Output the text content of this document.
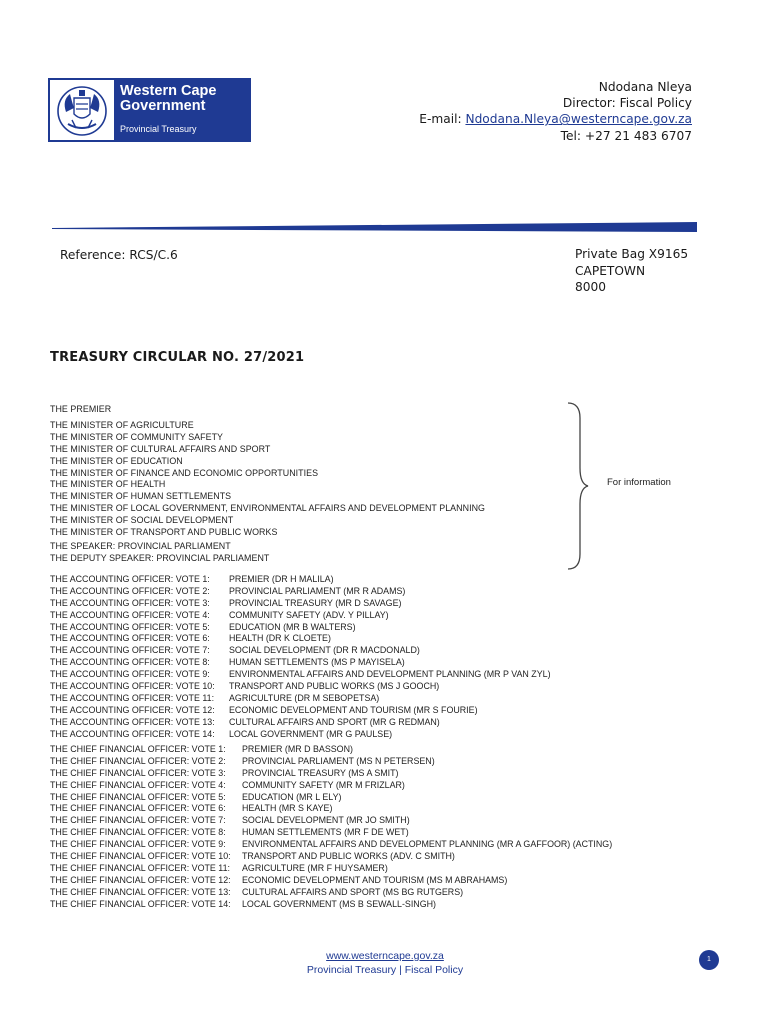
Western Cape
Government
Provincial Treasury
Ndodana Nleya
Director: Fiscal Policy
E-mail: Ndodana.Nleya@westerncape.gov.za
Tel: +27 21 483 6707
Reference: RCS/C.6	Private Bag X9165
CAPETOWN
8000
TREASURY CIRCULAR NO. 27/2021
THE PREMIER
THE MINISTER OF AGRICULTURE
THE MINISTER OF COMMUNITY SAFETY
THE MINISTER OF CULTURAL AFFAIRS AND SPORT
THE MINISTER OF EDUCATION
THE MINISTER OF FINANCE AND ECONOMIC OPPORTUNITIES
THE MINISTER OF HEALTH
THE MINISTER OF HUMAN SETTLEMENTS
THE MINISTER OF LOCAL GOVERNMENT, ENVIRONMENTAL AFFAIRS AND DEVELOPMENT PLANNING
THE MINISTER OF SOCIAL DEVELOPMENT
THE MINISTER OF TRANSPORT AND PUBLIC WORKS
THE SPEAKER: PROVINCIAL PARLIAMENT
THE DEPUTY SPEAKER: PROVINCIAL PARLIAMENT
For information
THE ACCOUNTING OFFICER: VOTE 1: PREMIER (DR H MALILA)
THE ACCOUNTING OFFICER: VOTE 2: PROVINCIAL PARLIAMENT (MR R ADAMS)
THE ACCOUNTING OFFICER: VOTE 3: PROVINCIAL TREASURY (MR D SAVAGE)
THE ACCOUNTING OFFICER: VOTE 4: COMMUNITY SAFETY (ADV. Y PILLAY)
THE ACCOUNTING OFFICER: VOTE 5: EDUCATION (MR B WALTERS)
THE ACCOUNTING OFFICER: VOTE 6: HEALTH (DR K CLOETE)
THE ACCOUNTING OFFICER: VOTE 7: SOCIAL DEVELOPMENT (DR R MACDONALD)
THE ACCOUNTING OFFICER: VOTE 8: HUMAN SETTLEMENTS (MS P MAYISELA)
THE ACCOUNTING OFFICER: VOTE 9: ENVIRONMENTAL AFFAIRS AND DEVELOPMENT PLANNING (MR P VAN ZYL)
THE ACCOUNTING OFFICER: VOTE 10: TRANSPORT AND PUBLIC WORKS (MS J GOOCH)
THE ACCOUNTING OFFICER: VOTE 11: AGRICULTURE (DR M SEBOPETSA)
THE ACCOUNTING OFFICER: VOTE 12: ECONOMIC DEVELOPMENT AND TOURISM (MR S FOURIE)
THE ACCOUNTING OFFICER: VOTE 13: CULTURAL AFFAIRS AND SPORT (MR G REDMAN)
THE ACCOUNTING OFFICER: VOTE 14: LOCAL GOVERNMENT (MR G PAULSE)
THE CHIEF FINANCIAL OFFICER: VOTE 1: PREMIER (MR D BASSON)
THE CHIEF FINANCIAL OFFICER: VOTE 2: PROVINCIAL PARLIAMENT (MS N PETERSEN)
THE CHIEF FINANCIAL OFFICER: VOTE 3: PROVINCIAL TREASURY (MS A SMIT)
THE CHIEF FINANCIAL OFFICER: VOTE 4: COMMUNITY SAFETY (MR M FRIZLAR)
THE CHIEF FINANCIAL OFFICER: VOTE 5: EDUCATION (MR L ELY)
THE CHIEF FINANCIAL OFFICER: VOTE 6: HEALTH (MR S KAYE)
THE CHIEF FINANCIAL OFFICER: VOTE 7: SOCIAL DEVELOPMENT (MR JO SMITH)
THE CHIEF FINANCIAL OFFICER: VOTE 8: HUMAN SETTLEMENTS (MR F DE WET)
THE CHIEF FINANCIAL OFFICER: VOTE 9: ENVIRONMENTAL AFFAIRS AND DEVELOPMENT PLANNING (MR A GAFFOOR) (ACTING)
THE CHIEF FINANCIAL OFFICER: VOTE 10: TRANSPORT AND PUBLIC WORKS (ADV. C SMITH)
THE CHIEF FINANCIAL OFFICER: VOTE 11: AGRICULTURE (MR F HUYSAMER)
THE CHIEF FINANCIAL OFFICER: VOTE 12: ECONOMIC DEVELOPMENT AND TOURISM (MS M ABRAHAMS)
THE CHIEF FINANCIAL OFFICER: VOTE 13: CULTURAL AFFAIRS AND SPORT (MS BG RUTGERS)
THE CHIEF FINANCIAL OFFICER: VOTE 14: LOCAL GOVERNMENT (MS B SEWALL-SINGH)
www.westerncape.gov.za
Provincial Treasury | Fiscal Policy
1
